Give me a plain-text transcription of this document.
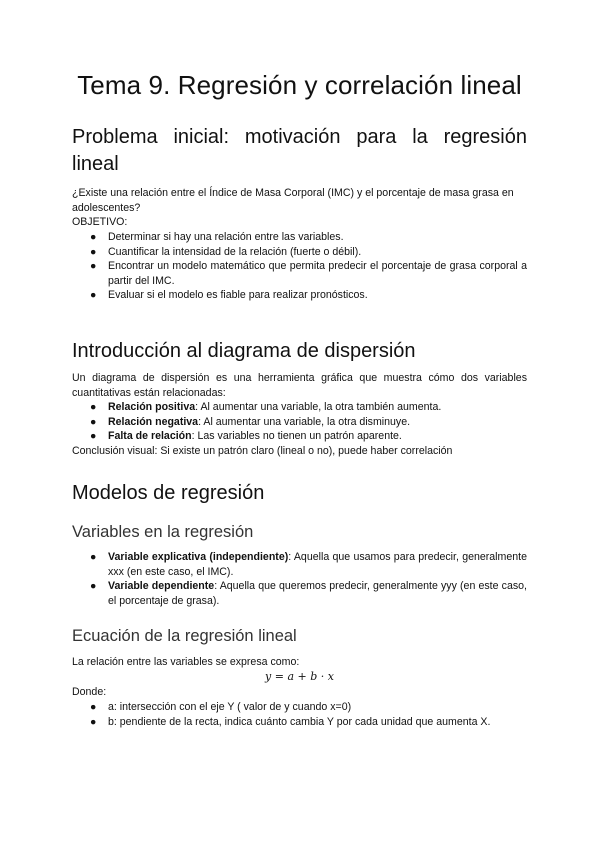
Tema 9. Regresión y correlación lineal
Problema inicial: motivación para la regresión lineal

¿Existe una relación entre el Índice de Masa Corporal (IMC) y el porcentaje de masa grasa en adolescentes?

OBJETIVO:

● Determinar si hay una relación entre las variables.
● Cuantificar la intensidad de la relación (fuerte o débil).
● Encontrar un modelo matemático que permita predecir el porcentaje de grasa corporal a partir del IMC.
● Evaluar si el modelo es fiable para realizar pronósticos.
Introducción al diagrama de dispersión

Un diagrama de dispersión es una herramienta gráfica que muestra cómo dos variables cuantitativas están relacionadas:

● Relación positiva: Al aumentar una variable, la otra también aumenta.
● Relación negativa: Al aumentar una variable, la otra disminuye.
● Falta de relación: Las variables no tienen un patrón aparente.

Conclusión visual: Si existe un patrón claro (lineal o no), puede haber correlación

Modelos de regresión
Variables en la regresión
● Variable explicativa (independiente): Aquella que usamos para predecir, generalmente xxx (en este caso, el IMC).
● Variable dependiente: Aquella que queremos predecir, generalmente yyy (en este caso, el porcentaje de grasa).
Ecuación de la regresión lineal

La relación entre las variables se expresa como:

y = a + b · x

Donde:

● a: intersección con el eje Y ( valor de y cuando x=0)
● b: pendiente de la recta, indica cuánto cambia Y por cada unidad que aumenta X.
